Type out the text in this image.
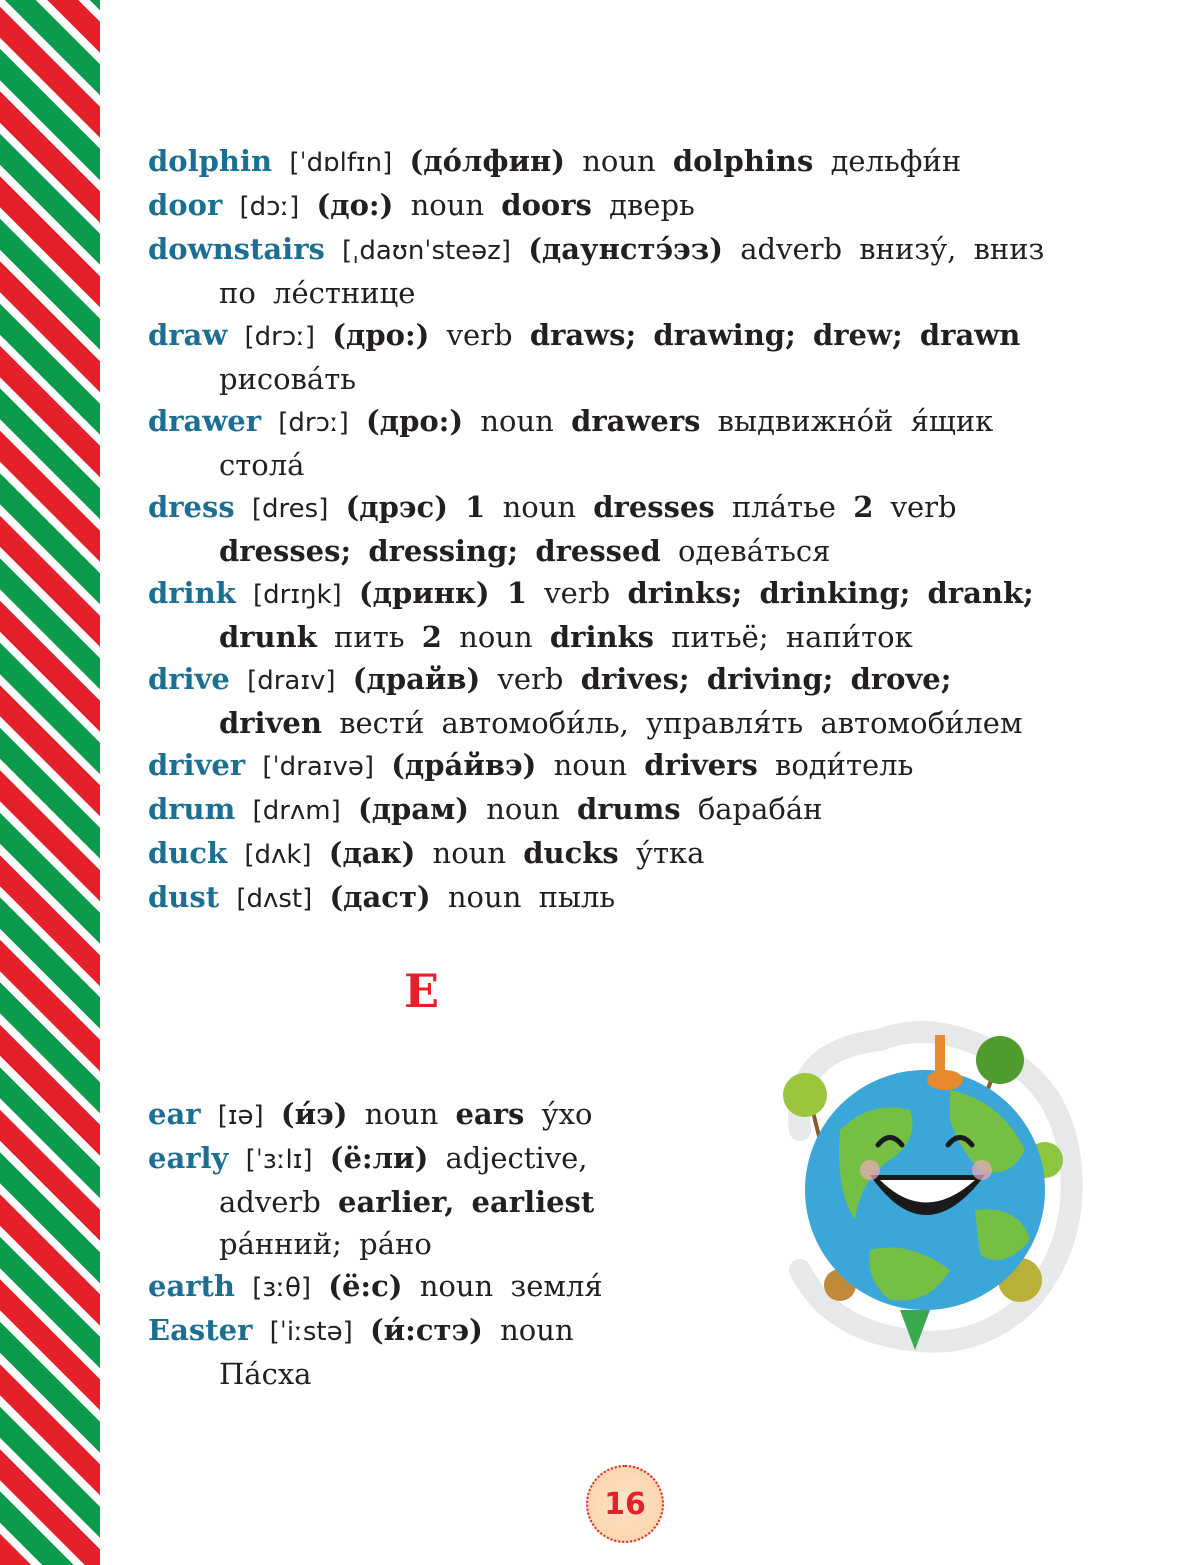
dolphin [ˈdɒlfɪn] (до́лфин) noun dolphins дельфи́н
door [dɔː] (до:) noun doors дверь
downstairs [ˌdaʊnˈsteəz] (даунстэ́эз) adverb внизу́, вниз
по ле́стнице
draw [drɔː] (дро:) verb draws; drawing; drew; drawn
рисова́ть
drawer [drɔː] (дро:) noun drawers выдвижно́й я́щик
стола́
dress [dres] (дрэс) 1 noun dresses пла́тье 2 verb
dresses; dressing; dressed одева́ться
drink [drɪŋk] (дринк) 1 verb drinks; drinking; drank;
drunk пить 2 noun drinks питьё; напи́ток
drive [draɪv] (драйв) verb drives; driving; drove;
driven вести́ автомоби́ль, управля́ть автомоби́лем
driver [ˈdraɪvə] (дра́йвэ) noun drivers води́тель
drum [drʌm] (драм) noun drums бараба́н
duck [dʌk] (дак) noun ducks у́тка
dust [dʌst] (даст) noun пыль
E
ear [ɪə] (и́э) noun ears у́хо
early [ˈɜːlɪ] (ё:ли) adjective,
adverb earlier, earliest
ра́нний; ра́но
earth [ɜːθ] (ё:с) noun земля́
Easter [ˈiːstə] (и́:стэ) noun
Па́сха
16
